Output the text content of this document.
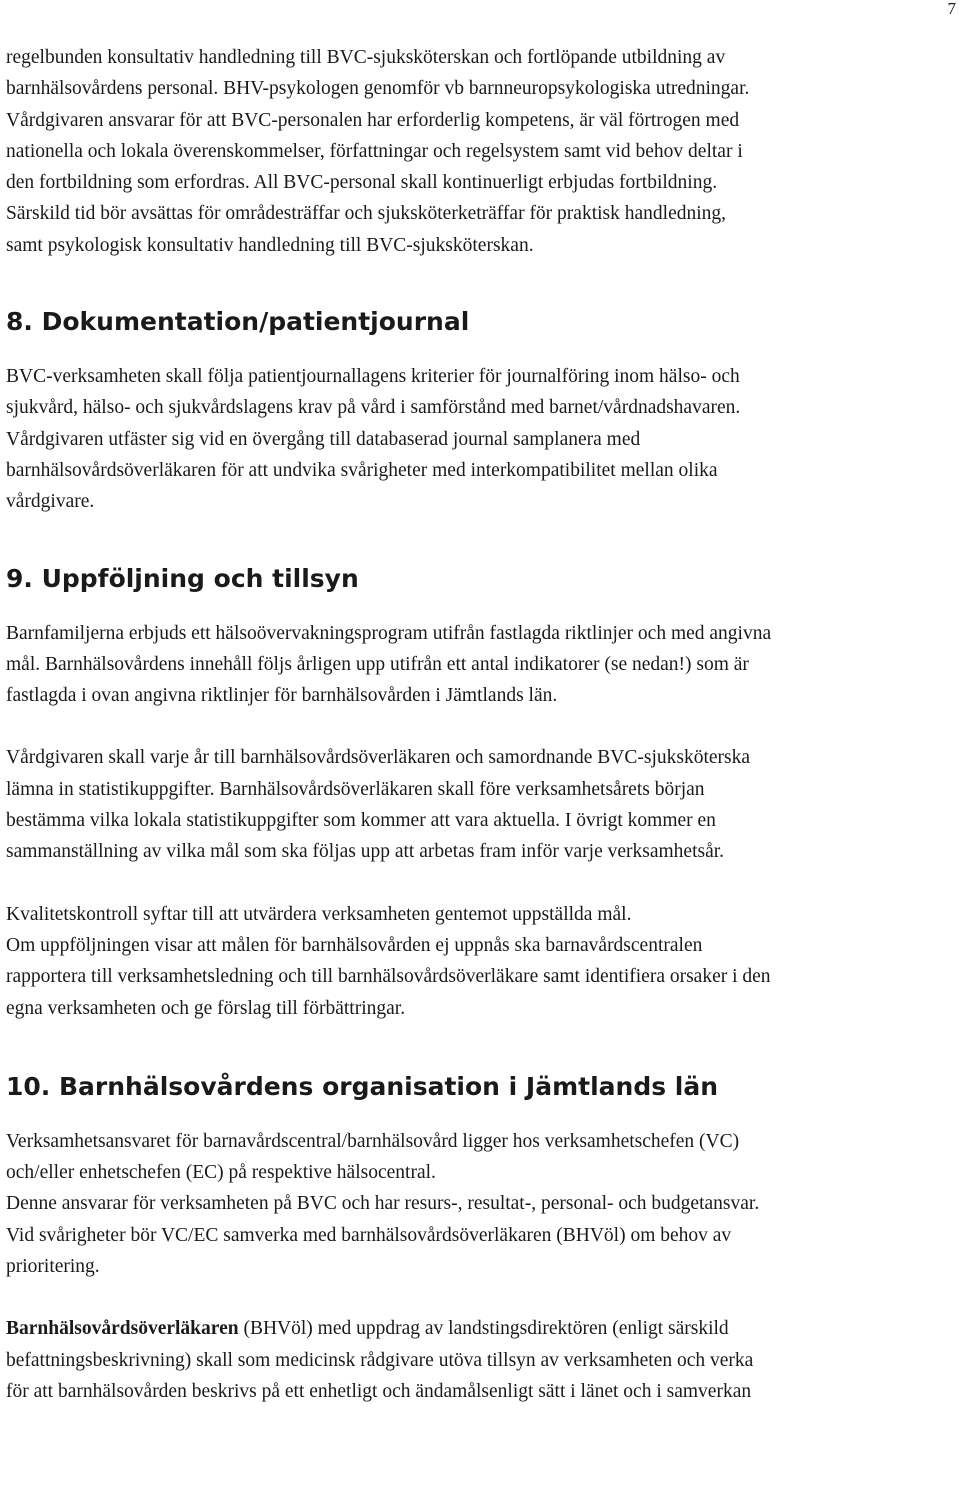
7

regelbunden konsultativ handledning till BVC-sjuksköterskan och fortlöpande utbildning av
barnhälsovårdens personal. BHV-psykologen genomför vb barnneuropsykologiska utredningar.
Vårdgivaren ansvarar för att BVC-personalen har erforderlig kompetens, är väl förtrogen med
nationella och lokala överenskommelser, författningar och regelsystem samt vid behov deltar i
den fortbildning som erfordras. All BVC-personal skall kontinuerligt erbjudas fortbildning.
Särskild tid bör avsättas för områdesträffar och sjuksköterketräffar för praktisk handledning,
samt psykologisk konsultativ handledning till BVC-sjuksköterskan.

8. Dokumentation/patientjournal

BVC-verksamheten skall följa patientjournallagens kriterier för journalföring inom hälso- och
sjukvård, hälso- och sjukvårdslagens krav på vård i samförstånd med barnet/vårdnadshavaren.
Vårdgivaren utfäster sig vid en övergång till databaserad journal samplanera med
barnhälsovårdsöverläkaren för att undvika svårigheter med interkompatibilitet mellan olika
vårdgivare.

9. Uppföljning och tillsyn

Barnfamiljerna erbjuds ett hälsoövervakningsprogram utifrån fastlagda riktlinjer och med angivna
mål. Barnhälsovårdens innehåll följs årligen upp utifrån ett antal indikatorer (se nedan!) som är
fastlagda i ovan angivna riktlinjer för barnhälsovården i Jämtlands län.

Vårdgivaren skall varje år till barnhälsovårdsöverläkaren och samordnande BVC-sjuksköterska
lämna in statistikuppgifter. Barnhälsovårdsöverläkaren skall före verksamhetsårets början
bestämma vilka lokala statistikuppgifter som kommer att vara aktuella. I övrigt kommer en
sammanställning av vilka mål som ska följas upp att arbetas fram inför varje verksamhetsår.

Kvalitetskontroll syftar till att utvärdera verksamheten gentemot uppställda mål.
Om uppföljningen visar att målen för barnhälsovården ej uppnås ska barnavårdscentralen
rapportera till verksamhetsledning och till barnhälsovårdsöverläkare samt identifiera orsaker i den
egna verksamheten och ge förslag till förbättringar.

10. Barnhälsovårdens organisation i Jämtlands län

Verksamhetsansvaret för barnavårdscentral/barnhälsovård ligger hos verksamhetschefen (VC)
och/eller enhetschefen (EC) på respektive hälsocentral.
Denne ansvarar för verksamheten på BVC och har resurs-, resultat-, personal- och budgetansvar.
Vid svårigheter bör VC/EC samverka med barnhälsovårdsöverläkaren (BHVöl) om behov av
prioritering.

Barnhälsovårdsöverläkaren (BHVöl) med uppdrag av landstingsdirektören (enligt särskild
befattningsbeskrivning) skall som medicinsk rådgivare utöva tillsyn av verksamheten och verka
för att barnhälsovården beskrivs på ett enhetligt och ändamålsenligt sätt i länet och i samverkan
